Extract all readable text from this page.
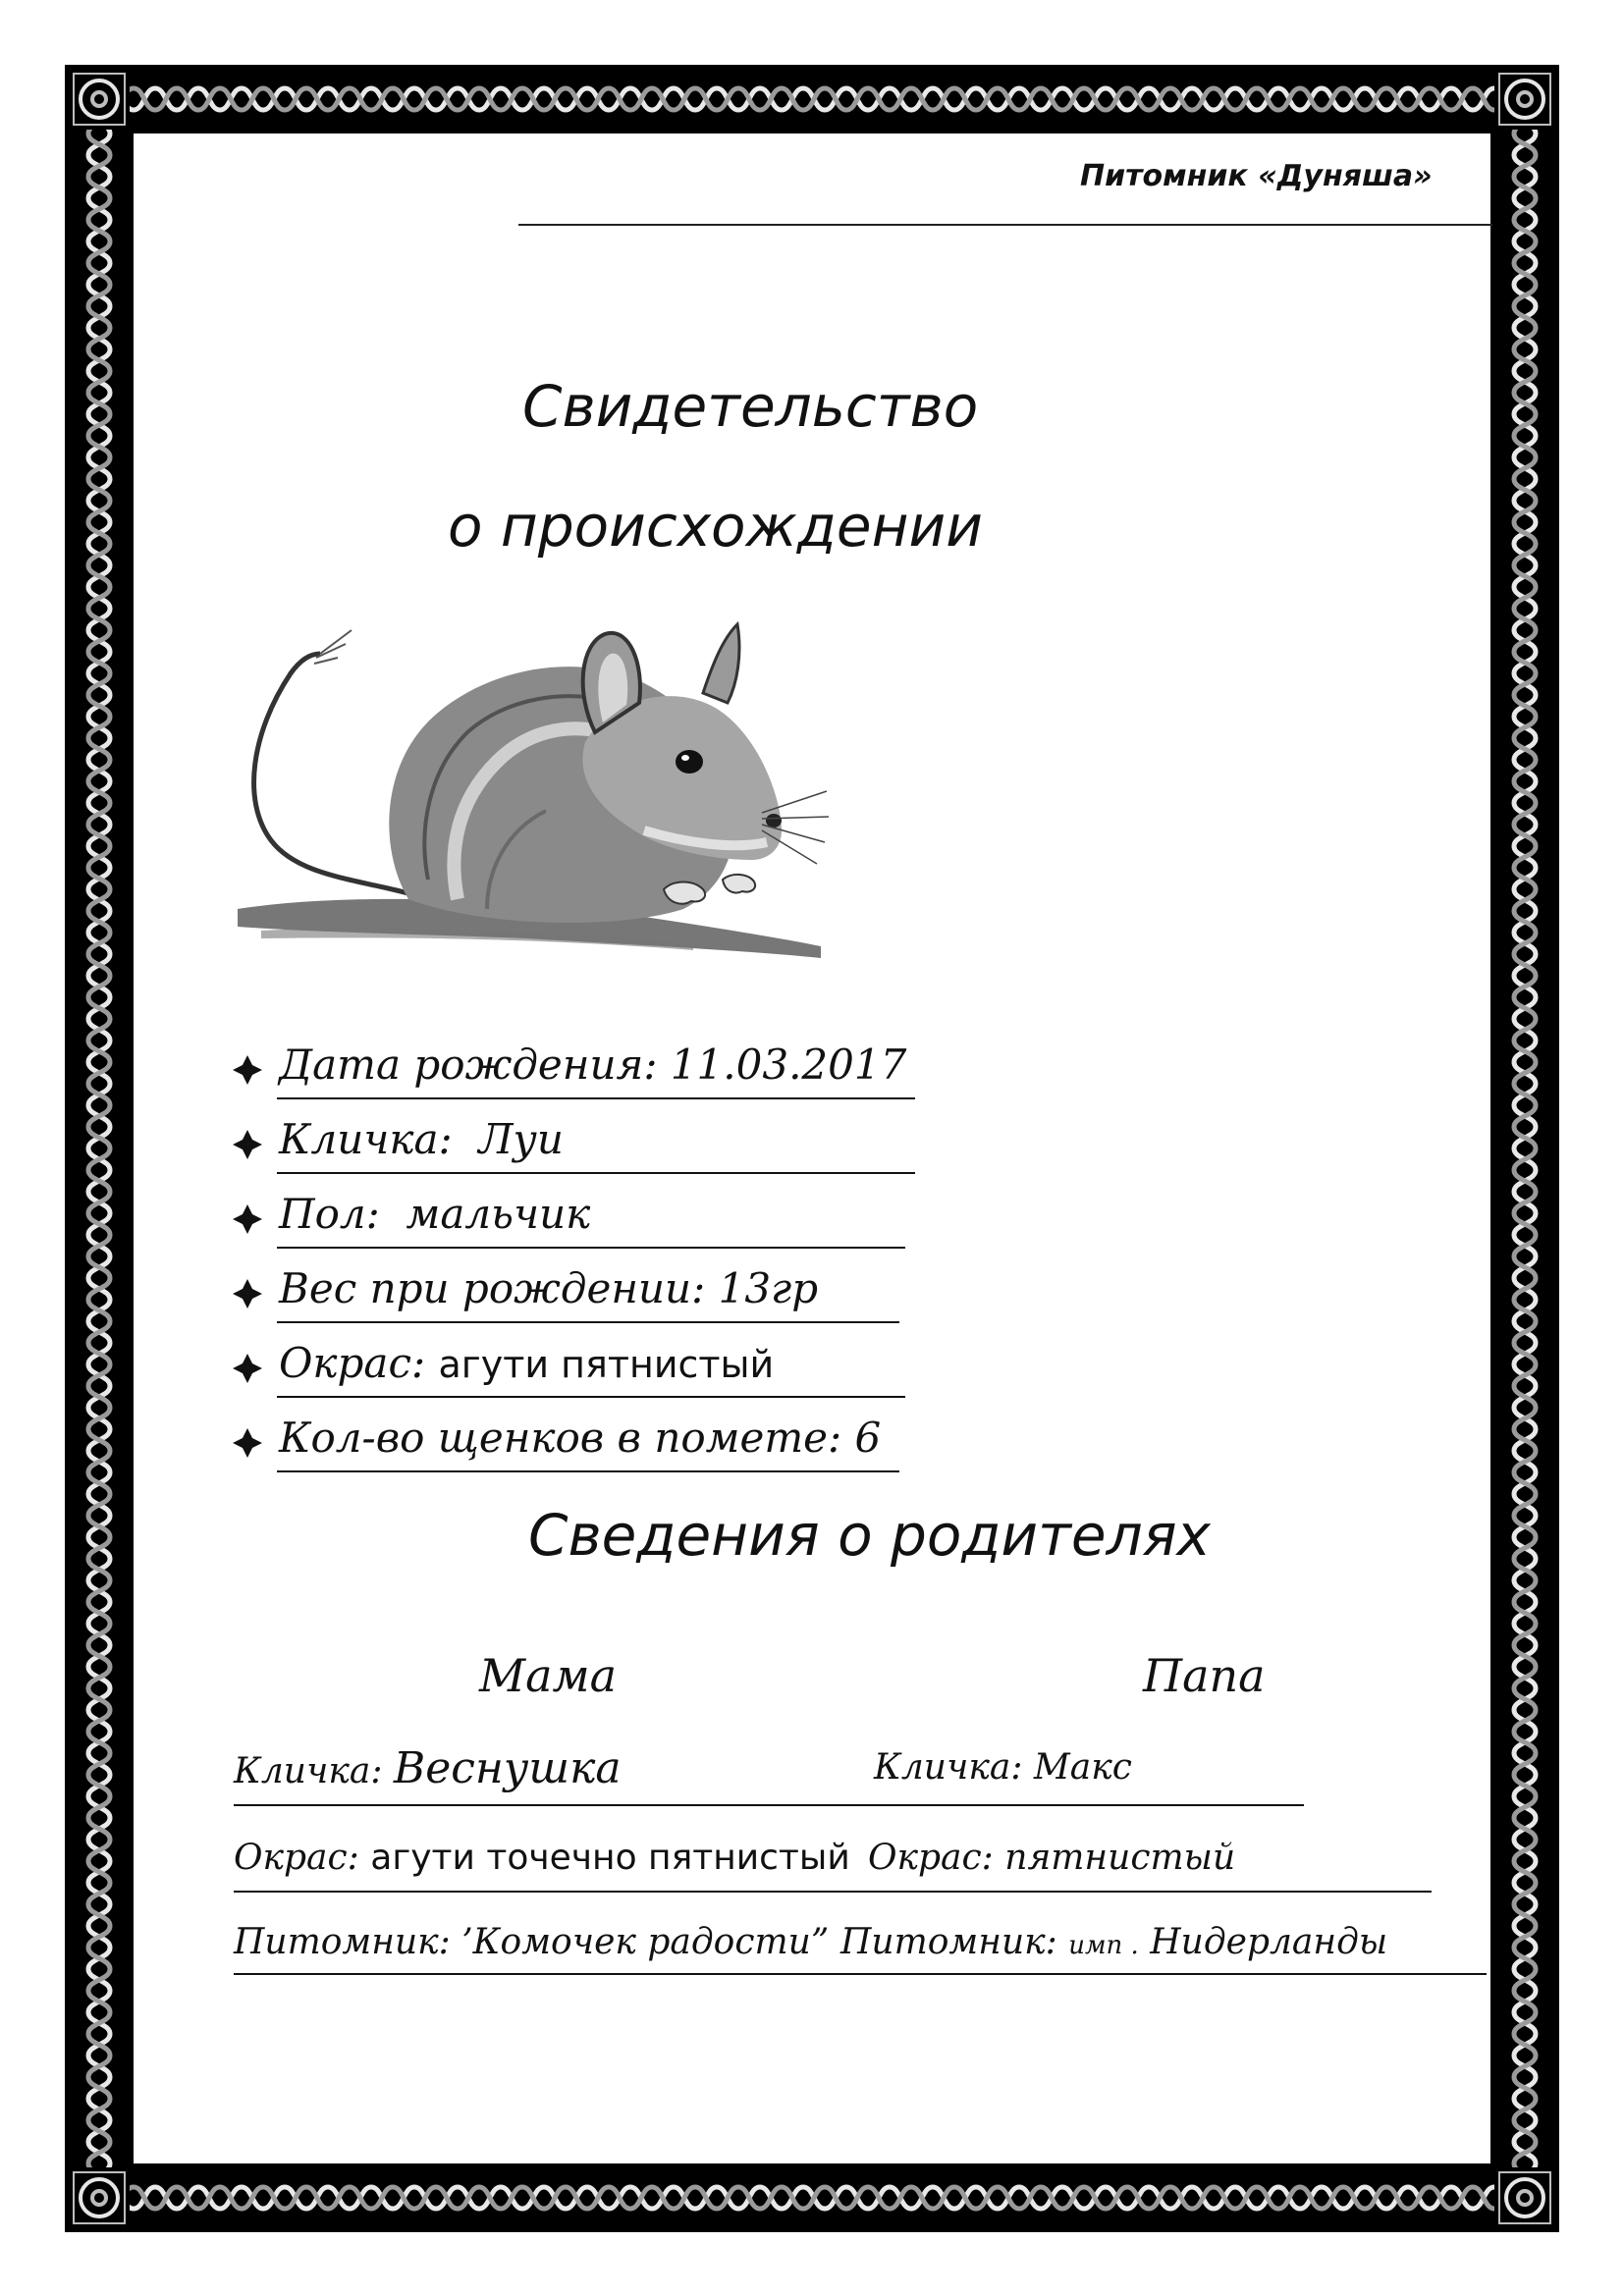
Питомник «Дуняша»
Свидетельство
о происхождении
Дата рождения: 11.03.2017
Кличка: Луи
Пол: мальчик
Вес при рождении: 13гр
Окрас: агути пятнистый
Кол-во щенков в помете: 6
Сведения о родителях
Мама	Папа
Кличка: Веснушка	Кличка: Макс
Окрас: агути точечно пятнистый Окрас: пятнистый
Питомник: ’Комочек радости” Питомник: имп . Нидерланды
